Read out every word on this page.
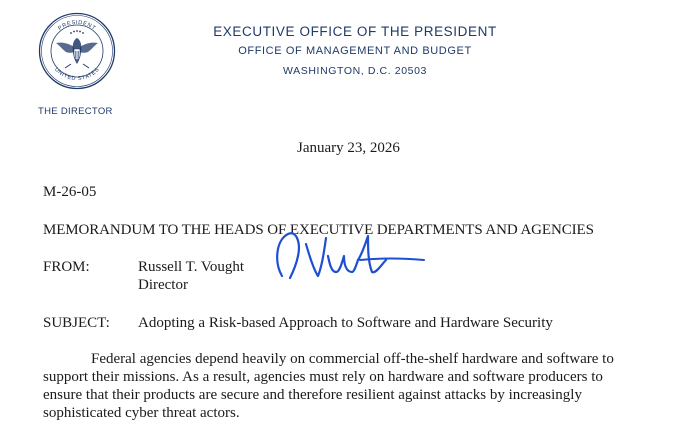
PRESIDENT
UNITED STATES
THE DIRECTOR
EXECUTIVE OFFICE OF THE PRESIDENT
OFFICE OF MANAGEMENT AND BUDGET
WASHINGTON, D.C. 20503
January 23, 2026
M-26-05
MEMORANDUM TO THE HEADS OF EXECUTIVE DEPARTMENTS AND AGENCIES
FROM:	Russell T. Vought
Director
SUBJECT: Adopting a Risk-based Approach to Software and Hardware Security
Federal agencies depend heavily on commercial off-the-shelf hardware and software to
support their missions. As a result, agencies must rely on hardware and software producers to
ensure that their products are secure and therefore resilient against attacks by increasingly
sophisticated cyber threat actors.
